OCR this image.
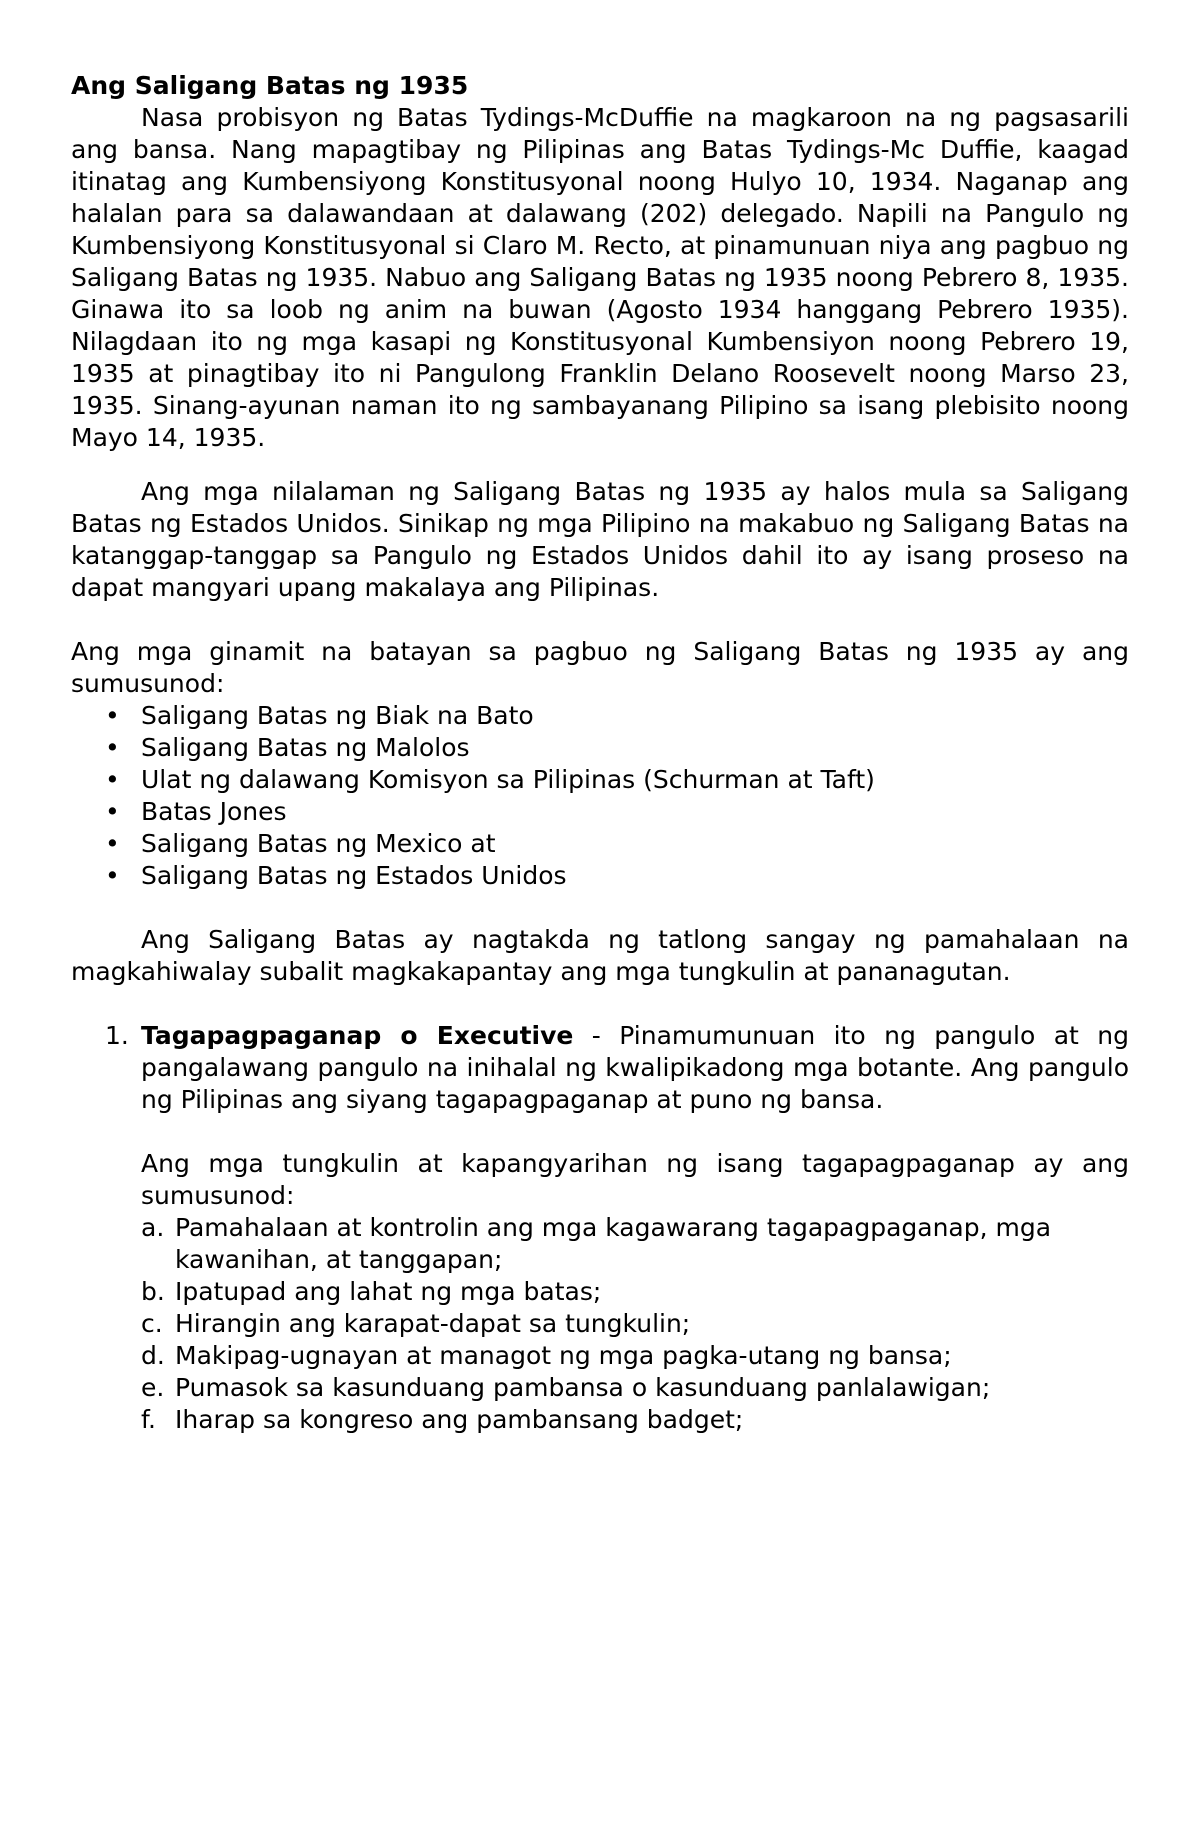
Ang Saligang Batas ng 1935

Nasa probisyon ng Batas Tydings-McDuffie na magkaroon na ng pagsasarili ang bansa. Nang mapagtibay ng Pilipinas ang Batas Tydings-Mc Duffie, kaagad itinatag ang Kumbensiyong Konstitusyonal noong Hulyo 10, 1934. Naganap ang halalan para sa dalawandaan at dalawang (202) delegado. Napili na Pangulo ng Kumbensiyong Konstitusyonal si Claro M. Recto, at pinamunuan niya ang pagbuo ng Saligang Batas ng 1935. Nabuo ang Saligang Batas ng 1935 noong Pebrero 8, 1935. Ginawa ito sa loob ng anim na buwan (Agosto 1934 hanggang Pebrero 1935). Nilagdaan ito ng mga kasapi ng Konstitusyonal Kumbensiyon noong Pebrero 19, 1935 at pinagtibay ito ni Pangulong Franklin Delano Roosevelt noong Marso 23, 1935. Sinang-ayunan naman ito ng sambayanang Pilipino sa isang plebisito noong Mayo 14, 1935.

Ang mga nilalaman ng Saligang Batas ng 1935 ay halos mula sa Saligang Batas ng Estados Unidos. Sinikap ng mga Pilipino na makabuo ng Saligang Batas na katanggap-tanggap sa Pangulo ng Estados Unidos dahil ito ay isang proseso na dapat mangyari upang makalaya ang Pilipinas.

Ang mga ginamit na batayan sa pagbuo ng Saligang Batas ng 1935 ay ang sumusunod:

• Saligang Batas ng Biak na Bato
• Saligang Batas ng Malolos
• Ulat ng dalawang Komisyon sa Pilipinas (Schurman at Taft)
• Batas Jones
• Saligang Batas ng Mexico at
• Saligang Batas ng Estados Unidos

Ang Saligang Batas ay nagtakda ng tatlong sangay ng pamahalaan na magkahiwalay subalit magkakapantay ang mga tungkulin at pananagutan.

1. Tagapagpaganap o Executive - Pinamumunuan ito ng pangulo at ng pangalawang pangulo na inihalal ng kwalipikadong mga botante. Ang pangulo ng Pilipinas ang siyang tagapagpaganap at puno ng bansa.

Ang mga tungkulin at kapangyarihan ng isang tagapagpaganap ay ang sumusunod:

a. Pamahalaan at kontrolin ang mga kagawarang tagapagpaganap, mga kawanihan, at tanggapan;
b. Ipatupad ang lahat ng mga batas;
c. Hirangin ang karapat-dapat sa tungkulin;
d. Makipag-ugnayan at managot ng mga pagka-utang ng bansa;
e. Pumasok sa kasunduang pambansa o kasunduang panlalawigan;
f. Iharap sa kongreso ang pambansang badget;
